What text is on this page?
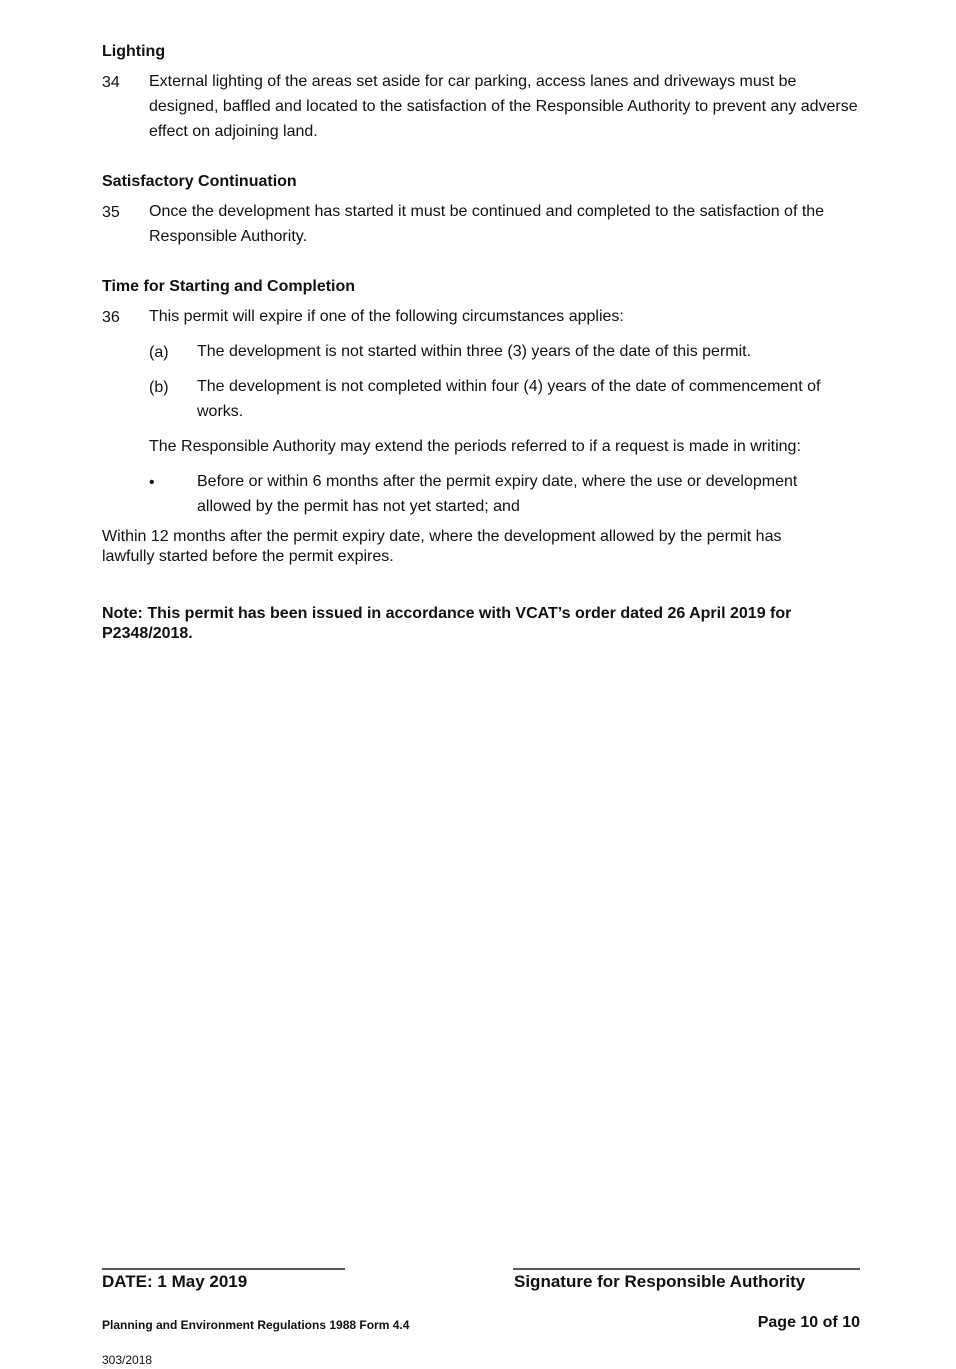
Lighting
34 External lighting of the areas set aside for car parking, access lanes and driveways must be designed, baffled and located to the satisfaction of the Responsible Authority to prevent any adverse effect on adjoining land.
Satisfactory Continuation
35 Once the development has started it must be continued and completed to the satisfaction of the Responsible Authority.
Time for Starting and Completion
36 This permit will expire if one of the following circumstances applies:
(a) The development is not started within three (3) years of the date of this permit.
(b) The development is not completed within four (4) years of the date of commencement of works.
The Responsible Authority may extend the periods referred to if a request is made in writing:
•	Before or within 6 months after the permit expiry date, where the use or development allowed by the permit has not yet started; and
Within 12 months after the permit expiry date, where the development allowed by the permit has lawfully started before the permit expires.
Note: This permit has been issued in accordance with VCAT’s order dated 26 April 2019 for P2348/2018.
DATE: 1 May 2019	Signature for Responsible Authority
Planning and Environment Regulations 1988 Form 4.4	Page 10 of 10
303/2018
